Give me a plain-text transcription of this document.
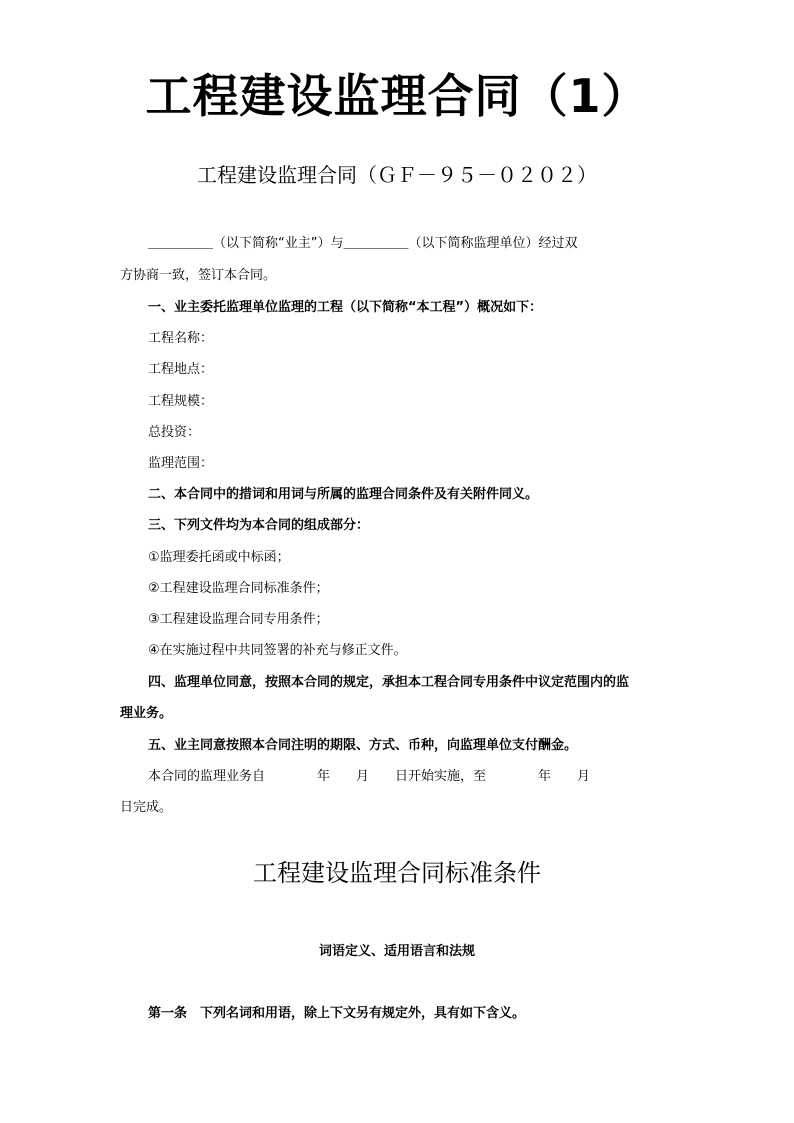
工程建设监理合同（1）
工程建设监理合同（ＧＦ－９５－０２０２）
＿＿＿＿＿（以下简称“业主”）与＿＿＿＿＿（以下简称监理单位）经过双
方协商一致，签订本合同。
一、业主委托监理单位监理的工程（以下简称“本工程”）概况如下：
工程名称：
工程地点：
工程规模：
总投资：
监理范围：
二、本合同中的措词和用词与所属的监理合同条件及有关附件同义。
三、下列文件均为本合同的组成部分：
①监理委托函或中标函；
②工程建设监理合同标准条件；
③工程建设监理合同专用条件；
④在实施过程中共同签署的补充与修正文件。
四、监理单位同意，按照本合同的规定，承担本工程合同专用条件中议定范围内的监
理业务。
五、业主同意按照本合同注明的期限、方式、币种，向监理单位支付酬金。
本合同的监理业务自　　　　年　　月　　日开始实施，至　　　　年　　月
日完成。
工程建设监理合同标准条件
词语定义、适用语言和法规
第一条　下列名词和用语，除上下文另有规定外，具有如下含义。
